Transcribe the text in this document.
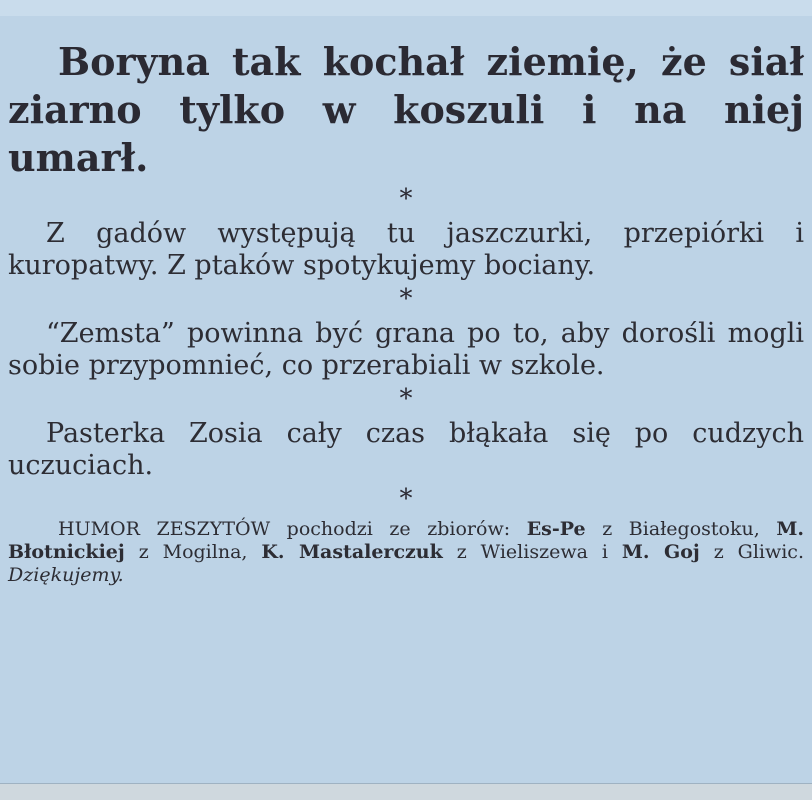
Boryna tak kochał ziemię, że siał ziarno tylko w koszuli i na niej umarł.

*

Z gadów występują tu jaszczurki, przepiórki i kuropatwy. Z ptaków spotykujemy bociany.

*

“Zemsta” powinna być grana po to, aby dorośli mogli sobie przypomnieć, co przerabiali w szkole.

*

Pasterka Zosia cały czas błąkała się po cudzych uczuciach.

*

HUMOR ZESZYTÓW pochodzi ze zbiorów: Es-Pe z Białegostoku, M. Błotnickiej z Mogilna, K. Mastalerczuk z Wieliszewa i M. Goj z Gliwic. Dziękujemy.
